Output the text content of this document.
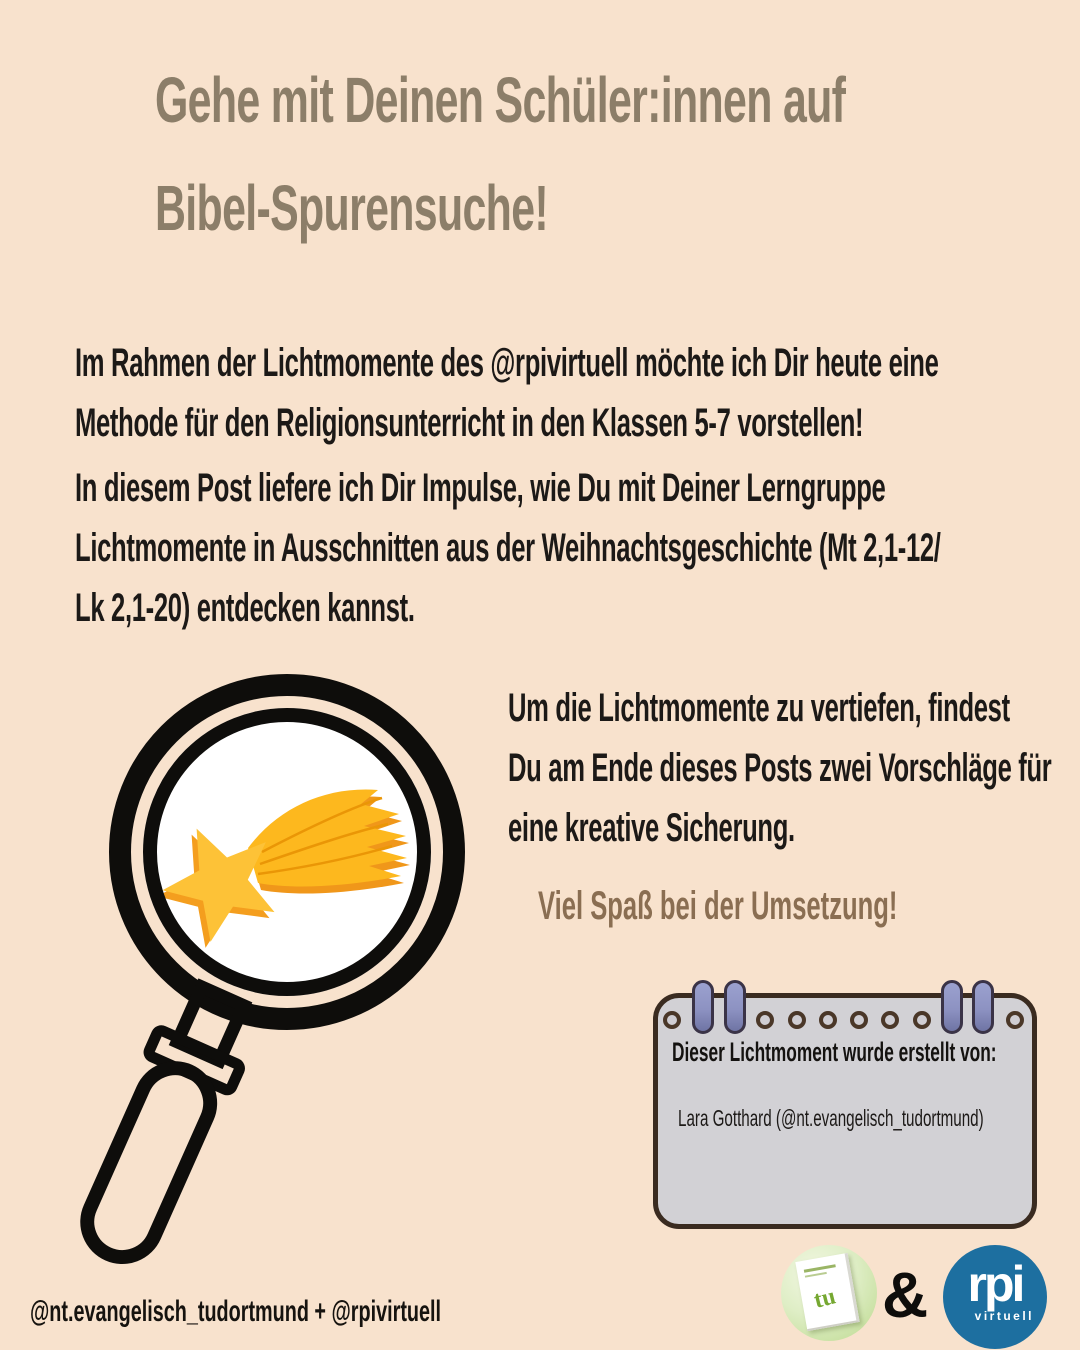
Gehe mit Deinen Schüler:innen auf
Bibel-Spurensuche!
Im Rahmen der Lichtmomente des @rpivirtuell möchte ich Dir heute eine
Methode für den Religionsunterricht in den Klassen 5-7 vorstellen!
In diesem Post liefere ich Dir Impulse, wie Du mit Deiner Lerngruppe
Lichtmomente in Ausschnitten aus der Weihnachtsgeschichte (Mt 2,1-12/
Lk 2,1-20) entdecken kannst.
Um die Lichtmomente zu vertiefen, findest
Du am Ende dieses Posts zwei Vorschläge für
eine kreative Sicherung.
Viel Spaß bei der Umsetzung!
Dieser Lichtmoment wurde erstellt von:
Lara Gotthard (@nt.evangelisch_tudortmund)
@nt.evangelisch_tudortmund + @rpivirtuell	tu & rpi
virtuell
